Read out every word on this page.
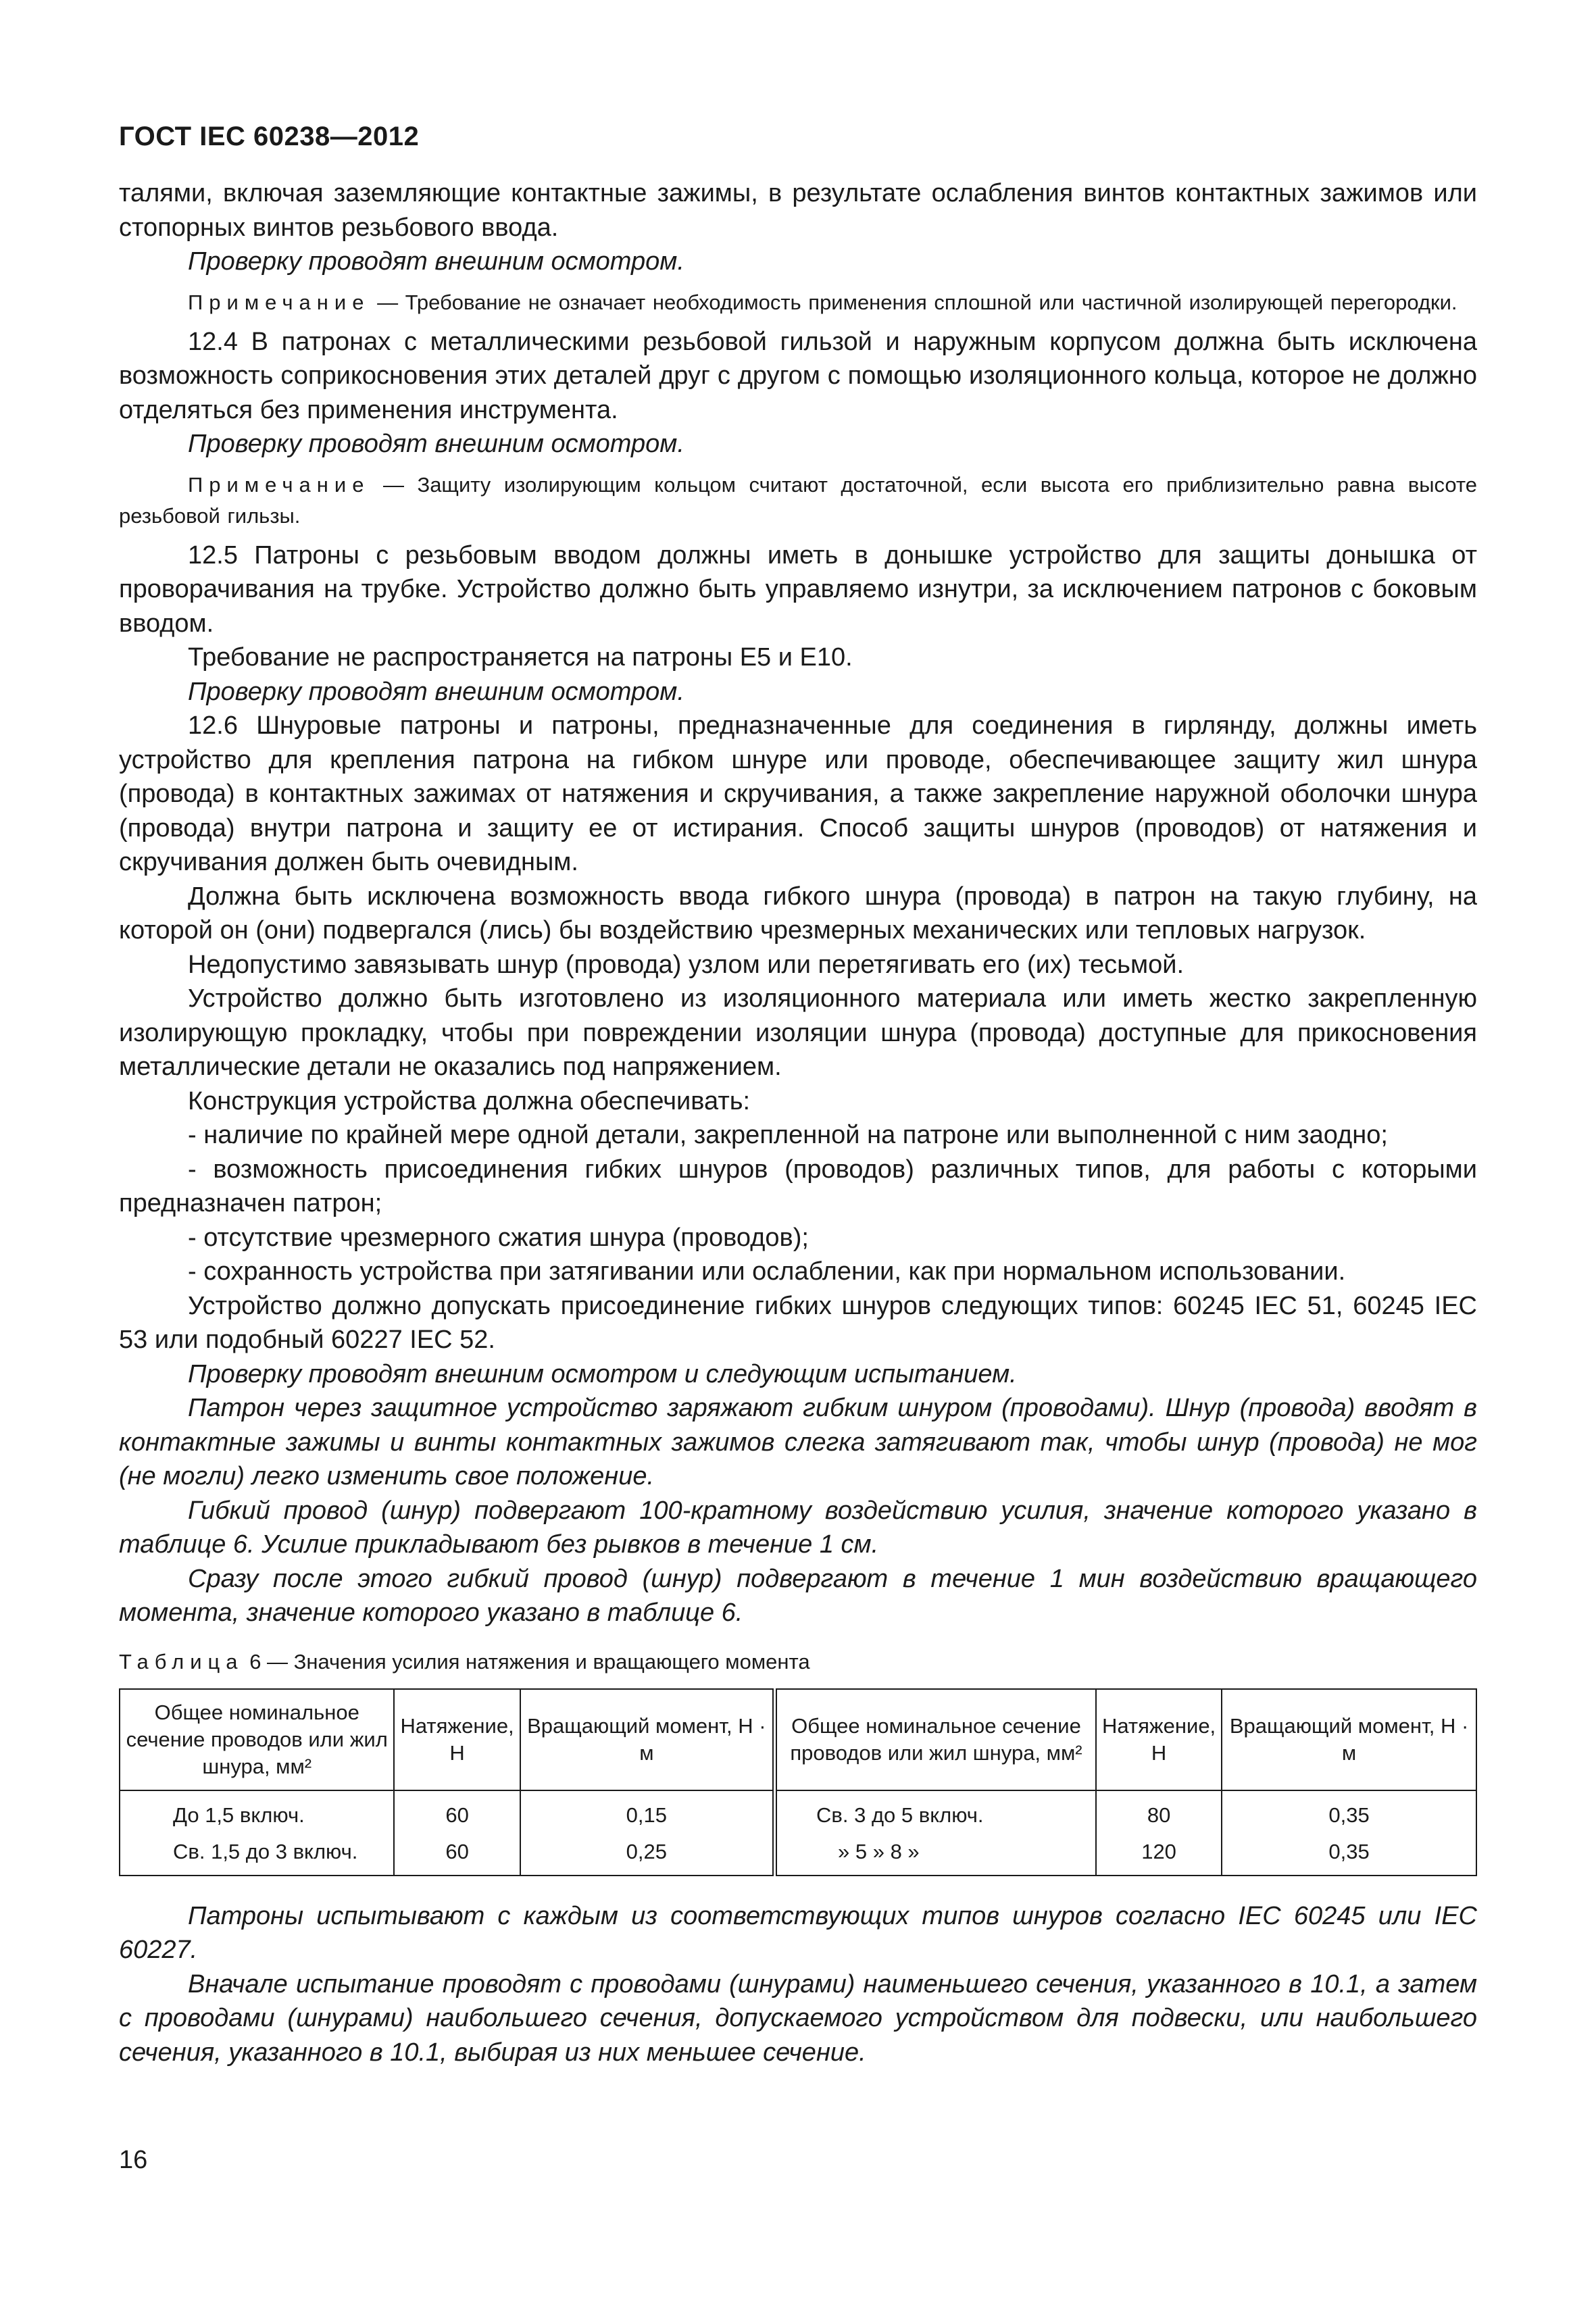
ГОСТ IEC 60238—2012

талями, включая заземляющие контактные зажимы, в результате ослабления винтов контактных зажимов или стопорных винтов резьбового ввода.

Проверку проводят внешним осмотром.

Примечание — Требование не означает необходимость применения сплошной или частичной изолирующей перегородки.

12.4 В патронах с металлическими резьбовой гильзой и наружным корпусом должна быть исключена возможность соприкосновения этих деталей друг с другом с помощью изоляционного кольца, которое не должно отделяться без применения инструмента.

Проверку проводят внешним осмотром.

Примечание — Защиту изолирующим кольцом считают достаточной, если высота его приблизительно равна высоте резьбовой гильзы.

12.5 Патроны с резьбовым вводом должны иметь в донышке устройство для защиты донышка от проворачивания на трубке. Устройство должно быть управляемо изнутри, за исключением патронов с боковым вводом.

Требование не распространяется на патроны Е5 и Е10.

Проверку проводят внешним осмотром.

12.6 Шнуровые патроны и патроны, предназначенные для соединения в гирлянду, должны иметь устройство для крепления патрона на гибком шнуре или проводе, обеспечивающее защиту жил шнура (провода) в контактных зажимах от натяжения и скручивания, а также закрепление наружной оболочки шнура (провода) внутри патрона и защиту ее от истирания. Способ защиты шнуров (проводов) от натяжения и скручивания должен быть очевидным.

Должна быть исключена возможность ввода гибкого шнура (провода) в патрон на такую глубину, на которой он (они) подвергался (лись) бы воздействию чрезмерных механических или тепловых нагрузок.

Недопустимо завязывать шнур (провода) узлом или перетягивать его (их) тесьмой.

Устройство должно быть изготовлено из изоляционного материала или иметь жестко закрепленную изолирующую прокладку, чтобы при повреждении изоляции шнура (провода) доступные для прикосновения металлические детали не оказались под напряжением.

Конструкция устройства должна обеспечивать:

- наличие по крайней мере одной детали, закрепленной на патроне или выполненной с ним заодно;

- возможность присоединения гибких шнуров (проводов) различных типов, для работы с которыми предназначен патрон;

- отсутствие чрезмерного сжатия шнура (проводов);

- сохранность устройства при затягивании или ослаблении, как при нормальном использовании.

Устройство должно допускать присоединение гибких шнуров следующих типов: 60245 IEC 51, 60245 IEC 53 или подобный 60227 IEC 52.

Проверку проводят внешним осмотром и следующим испытанием.

Патрон через защитное устройство заряжают гибким шнуром (проводами). Шнур (провода) вводят в контактные зажимы и винты контактных зажимов слегка затягивают так, чтобы шнур (провода) не мог (не могли) легко изменить свое положение.

Гибкий провод (шнур) подвергают 100-кратному воздействию усилия, значение которого указано в таблице 6. Усилие прикладывают без рывков в течение 1 см.

Сразу после этого гибкий провод (шнур) подвергают в течение 1 мин воздействию вращающего момента, значение которого указано в таблице 6.

Таблица 6 — Значения усилия натяжения и вращающего момента
Общее номинальное сечение проводов или жил шнура, мм²	Натяжение, Н	Вращающий момент, Н · м	Общее номинальное сечение проводов или жил шнура, мм²	Натяжение, Н	Вращающий момент, Н · м
До 1,5 включ.	60	0,15	Св. 3 до 5 включ.	80	0,35
Св. 1,5 до 3 включ.	60	0,25	» 5 » 8 »	120	0,35

Патроны испытывают с каждым из соответствующих типов шнуров согласно IEC 60245 или IEC 60227.

Вначале испытание проводят с проводами (шнурами) наименьшего сечения, указанного в 10.1, а затем с проводами (шнурами) наибольшего сечения, допускаемого устройством для подвески, или наибольшего сечения, указанного в 10.1, выбирая из них меньшее сечение.

16
